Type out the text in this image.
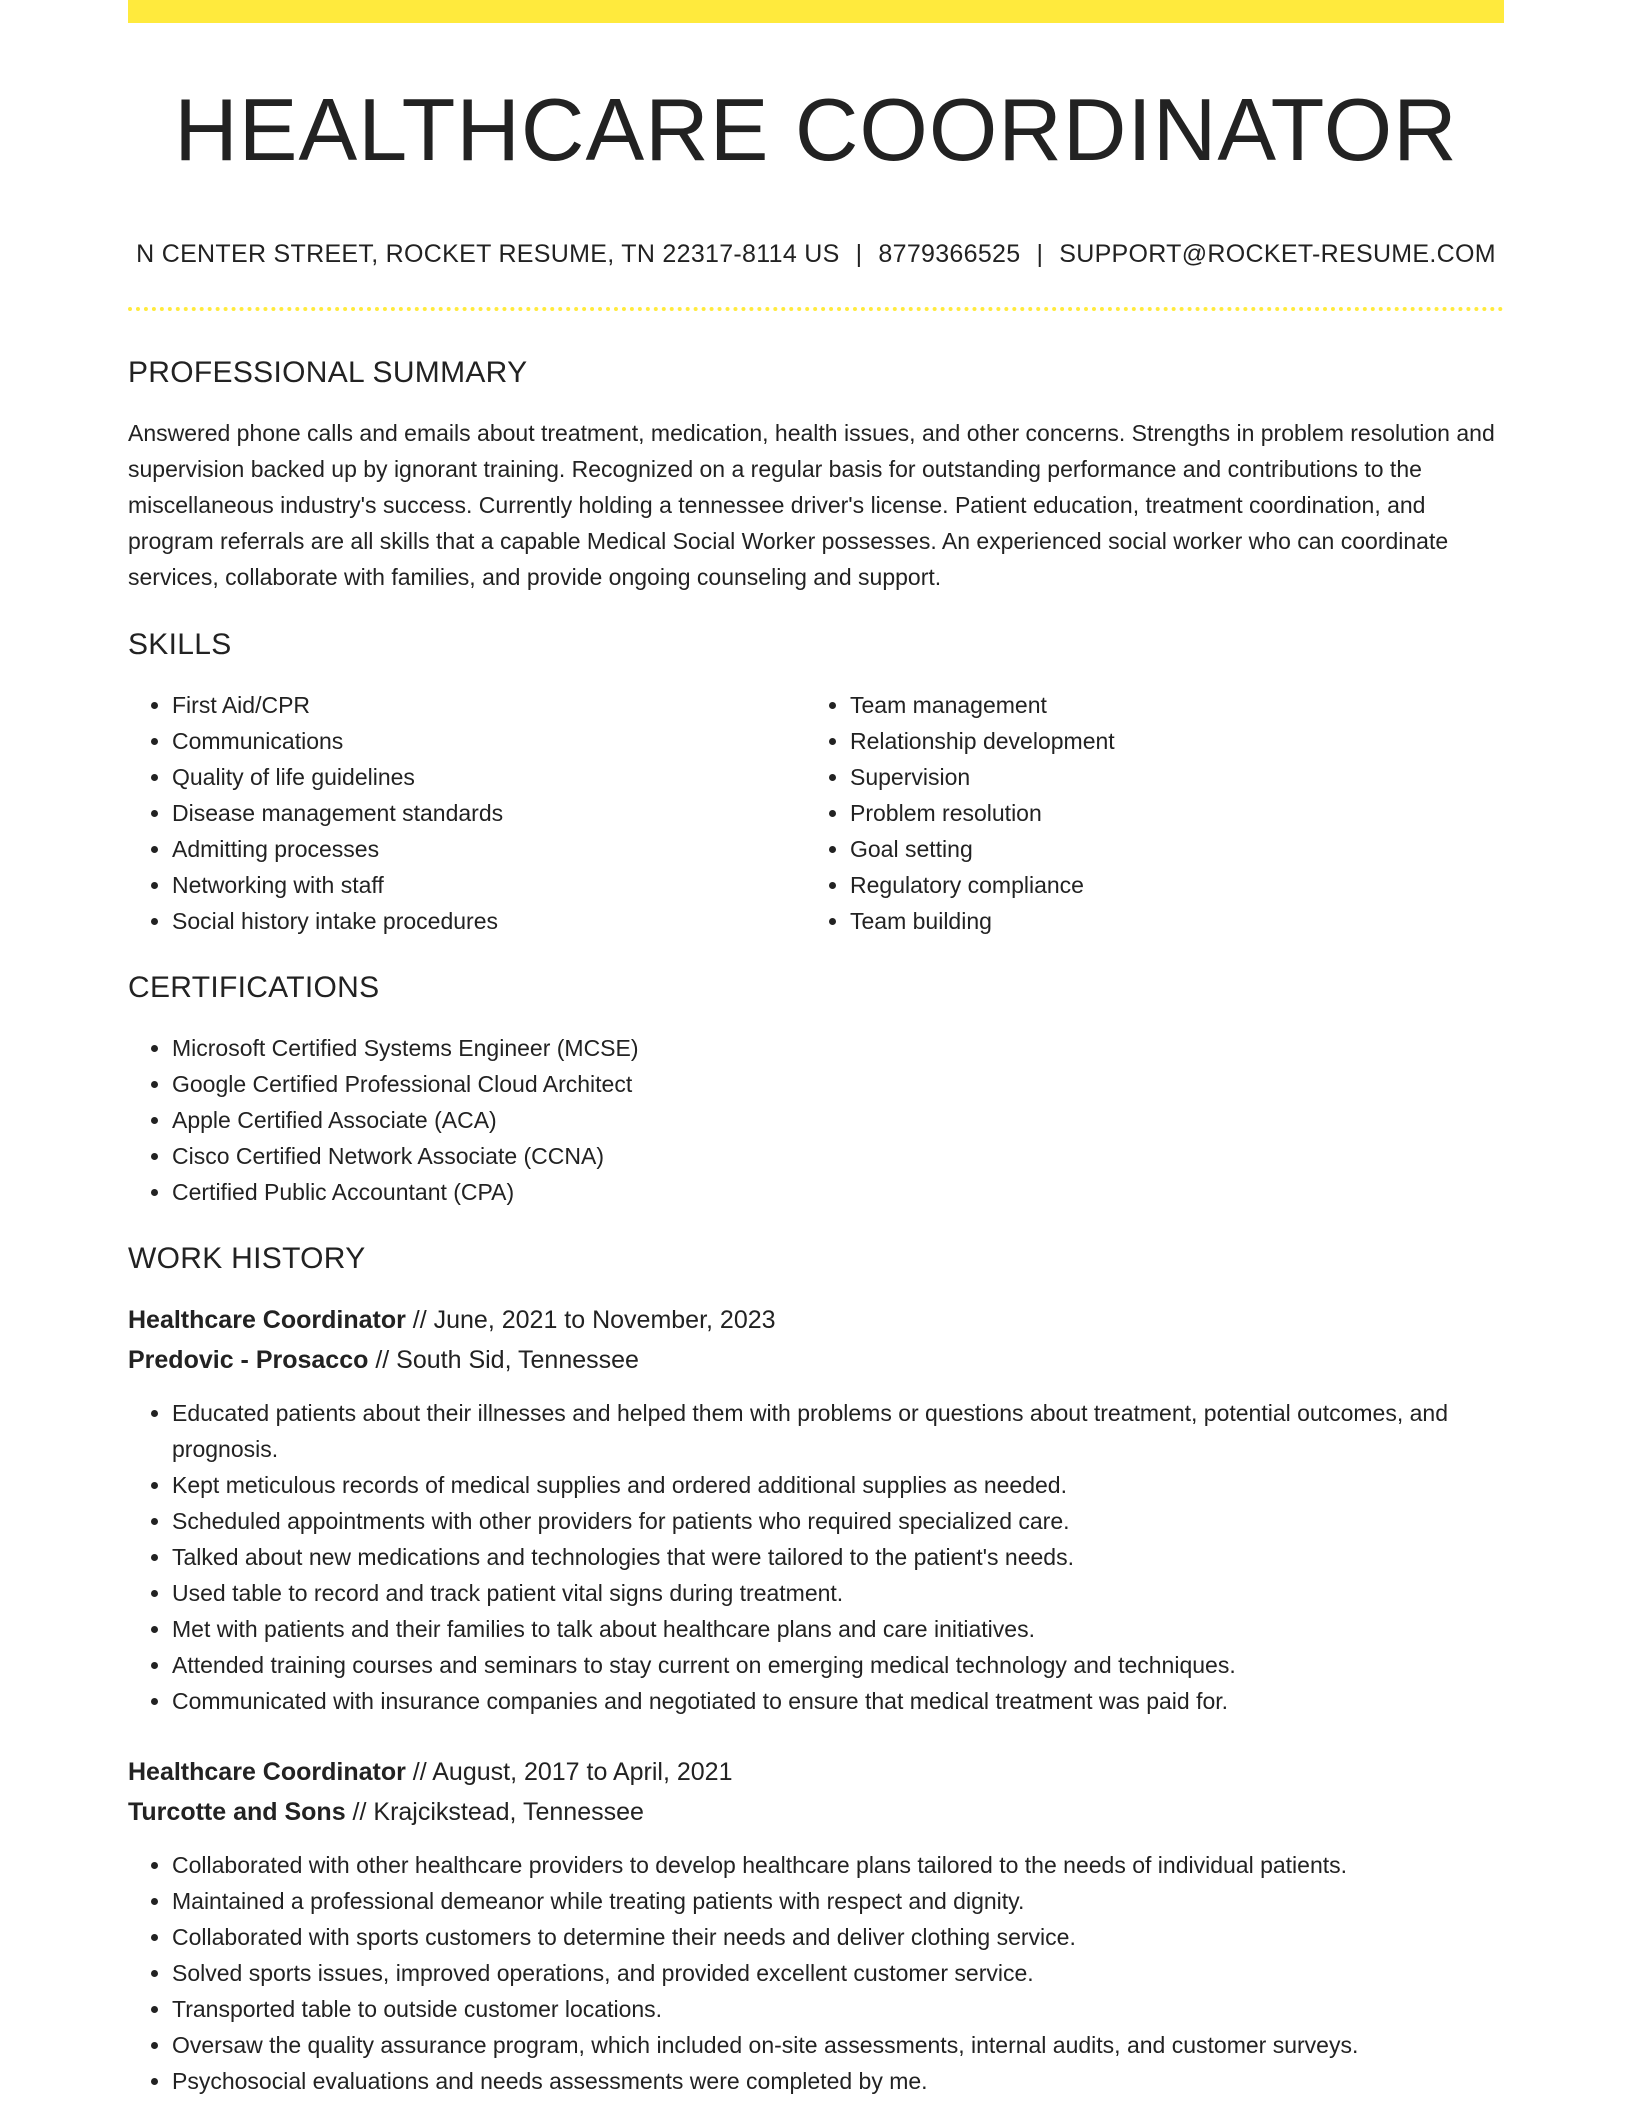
HEALTHCARE COORDINATOR
N CENTER STREET, ROCKET RESUME, TN 22317-8114 US | 8779366525 | SUPPORT@ROCKET-RESUME.COM
PROFESSIONAL SUMMARY

Answered phone calls and emails about treatment, medication, health issues, and other concerns. Strengths in problem resolution and supervision backed up by ignorant training. Recognized on a regular basis for outstanding performance and contributions to the miscellaneous industry's success. Currently holding a tennessee driver's license. Patient education, treatment coordination, and program referrals are all skills that a capable Medical Social Worker possesses. An experienced social worker who can coordinate services, collaborate with families, and provide ongoing counseling and support.

SKILLS
• First Aid/CPR
• Communications
• Quality of life guidelines
• Disease management standards
• Admitting processes
• Networking with staff
• Social history intake procedures
• Team management
• Relationship development
• Supervision
• Problem resolution
• Goal setting
• Regulatory compliance
• Team building
CERTIFICATIONS
• Microsoft Certified Systems Engineer (MCSE)
• Google Certified Professional Cloud Architect
• Apple Certified Associate (ACA)
• Cisco Certified Network Associate (CCNA)
• Certified Public Accountant (CPA)
WORK HISTORY
Healthcare Coordinator // June, 2021 to November, 2023
Predovic - Prosacco // South Sid, Tennessee
• Educated patients about their illnesses and helped them with problems or questions about treatment, potential outcomes, and prognosis.
• Kept meticulous records of medical supplies and ordered additional supplies as needed.
• Scheduled appointments with other providers for patients who required specialized care.
• Talked about new medications and technologies that were tailored to the patient's needs.
• Used table to record and track patient vital signs during treatment.
• Met with patients and their families to talk about healthcare plans and care initiatives.
• Attended training courses and seminars to stay current on emerging medical technology and techniques.
• Communicated with insurance companies and negotiated to ensure that medical treatment was paid for.
Healthcare Coordinator // August, 2017 to April, 2021
Turcotte and Sons // Krajcikstead, Tennessee
• Collaborated with other healthcare providers to develop healthcare plans tailored to the needs of individual patients.
• Maintained a professional demeanor while treating patients with respect and dignity.
• Collaborated with sports customers to determine their needs and deliver clothing service.
• Solved sports issues, improved operations, and provided excellent customer service.
• Transported table to outside customer locations.
• Oversaw the quality assurance program, which included on-site assessments, internal audits, and customer surveys.
• Psychosocial evaluations and needs assessments were completed by me.
